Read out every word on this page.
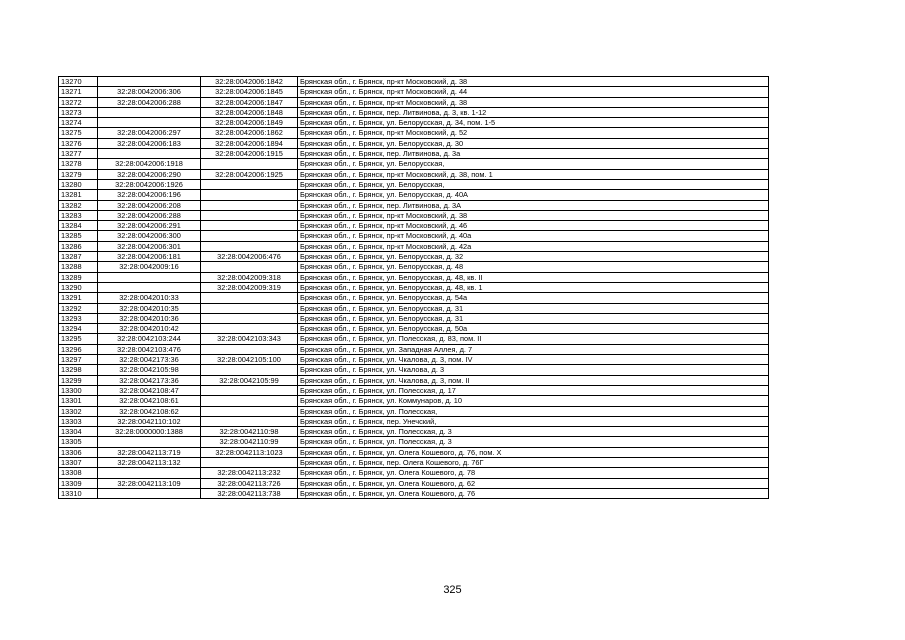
13270		32:28:0042006:1842	Брянская обл., г. Брянск, пр-кт Московский, д. 38
13271	32:28:0042006:306	32:28:0042006:1845	Брянская обл., г. Брянск, пр-кт Московский, д. 44
13272	32:28:0042006:288	32:28:0042006:1847	Брянская обл., г. Брянск, пр-кт Московский, д. 38
13273		32:28:0042006:1848	Брянская обл., г. Брянск, пер. Литвинова, д. 3, кв. 1-12
13274		32:28:0042006:1849	Брянская обл., г. Брянск, ул. Белорусская, д. 34, пом. 1-5
13275	32:28:0042006:297	32:28:0042006:1862	Брянская обл., г. Брянск, пр-кт Московский, д. 52
13276	32:28:0042006:183	32:28:0042006:1894	Брянская обл., г. Брянск, ул. Белорусская, д. 30
13277		32:28:0042006:1915	Брянская обл., г. Брянск, пер. Литвинова, д. 3а
13278	32:28:0042006:1918		Брянская обл., г. Брянск, ул. Белорусская,
13279	32:28:0042006:290	32:28:0042006:1925	Брянская обл., г. Брянск, пр-кт Московский, д. 38, пом. 1
13280	32:28:0042006:1926		Брянская обл., г. Брянск, ул. Белорусская,
13281	32:28:0042006:196		Брянская обл., г. Брянск, ул. Белорусская, д. 40А
13282	32:28:0042006:208		Брянская обл., г. Брянск, пер. Литвинова, д. 3А
13283	32:28:0042006:288		Брянская обл., г. Брянск, пр-кт Московский, д. 38
13284	32:28:0042006:291		Брянская обл., г. Брянск, пр-кт Московский, д. 46
13285	32:28:0042006:300		Брянская обл., г. Брянск, пр-кт Московский, д. 40а
13286	32:28:0042006:301		Брянская обл., г. Брянск, пр-кт Московский, д. 42а
13287	32:28:0042006:181	32:28:0042006:476	Брянская обл., г. Брянск, ул. Белорусская, д. 32
13288	32:28:0042009:16		Брянская обл., г. Брянск, ул. Белорусская, д. 48
13289		32:28:0042009:318	Брянская обл., г. Брянск, ул. Белорусская, д. 48, кв. II
13290		32:28:0042009:319	Брянская обл., г. Брянск, ул. Белорусская, д. 48, кв. 1
13291	32:28:0042010:33		Брянская обл., г. Брянск, ул. Белорусская, д. 54а
13292	32:28:0042010:35		Брянская обл., г. Брянск, ул. Белорусская, д. 31
13293	32:28:0042010:36		Брянская обл., г. Брянск, ул. Белорусская, д. 31
13294	32:28:0042010:42		Брянская обл., г. Брянск, ул. Белорусская, д. 50а
13295	32:28:0042103:244	32:28:0042103:343	Брянская обл., г. Брянск, ул. Полесская, д. 83, пом. II
13296	32:28:0042103:476		Брянская обл., г. Брянск, ул. Западная Аллея, д. 7
13297	32:28:0042173:36	32:28:0042105:100	Брянская обл., г. Брянск, ул. Чкалова, д. 3, пом. IV
13298	32:28:0042105:98		Брянская обл., г. Брянск, ул. Чкалова, д. 3
13299	32:28:0042173:36	32:28:0042105:99	Брянская обл., г. Брянск, ул. Чкалова, д. 3, пом. II
13300	32:28:0042108:47		Брянская обл., г. Брянск, ул. Полесская, д. 17
13301	32:28:0042108:61		Брянская обл., г. Брянск, ул. Коммунаров, д. 10
13302	32:28:0042108:62		Брянская обл., г. Брянск, ул. Полесская,
13303	32:28:0042110:102		Брянская обл., г. Брянск, пер. Унечский,
13304	32:28:0000000:1388	32:28:0042110:98	Брянская обл., г. Брянск, ул. Полесская, д. 3
13305		32:28:0042110:99	Брянская обл., г. Брянск, ул. Полесская, д. 3
13306	32:28:0042113:719	32:28:0042113:1023	Брянская обл., г. Брянск, ул. Олега Кошевого, д. 76, пом. X
13307	32:28:0042113:132		Брянская обл., г. Брянск, пер. Олега Кошевого, д. 76Г
13308		32:28:0042113:232	Брянская обл., г. Брянск, ул. Олега Кошевого, д. 78
13309	32:28:0042113:109	32:28:0042113:726	Брянская обл., г. Брянск, ул. Олега Кошевого, д. 62
13310		32:28:0042113:738	Брянская обл., г. Брянск, ул. Олега Кошевого, д. 76
325
